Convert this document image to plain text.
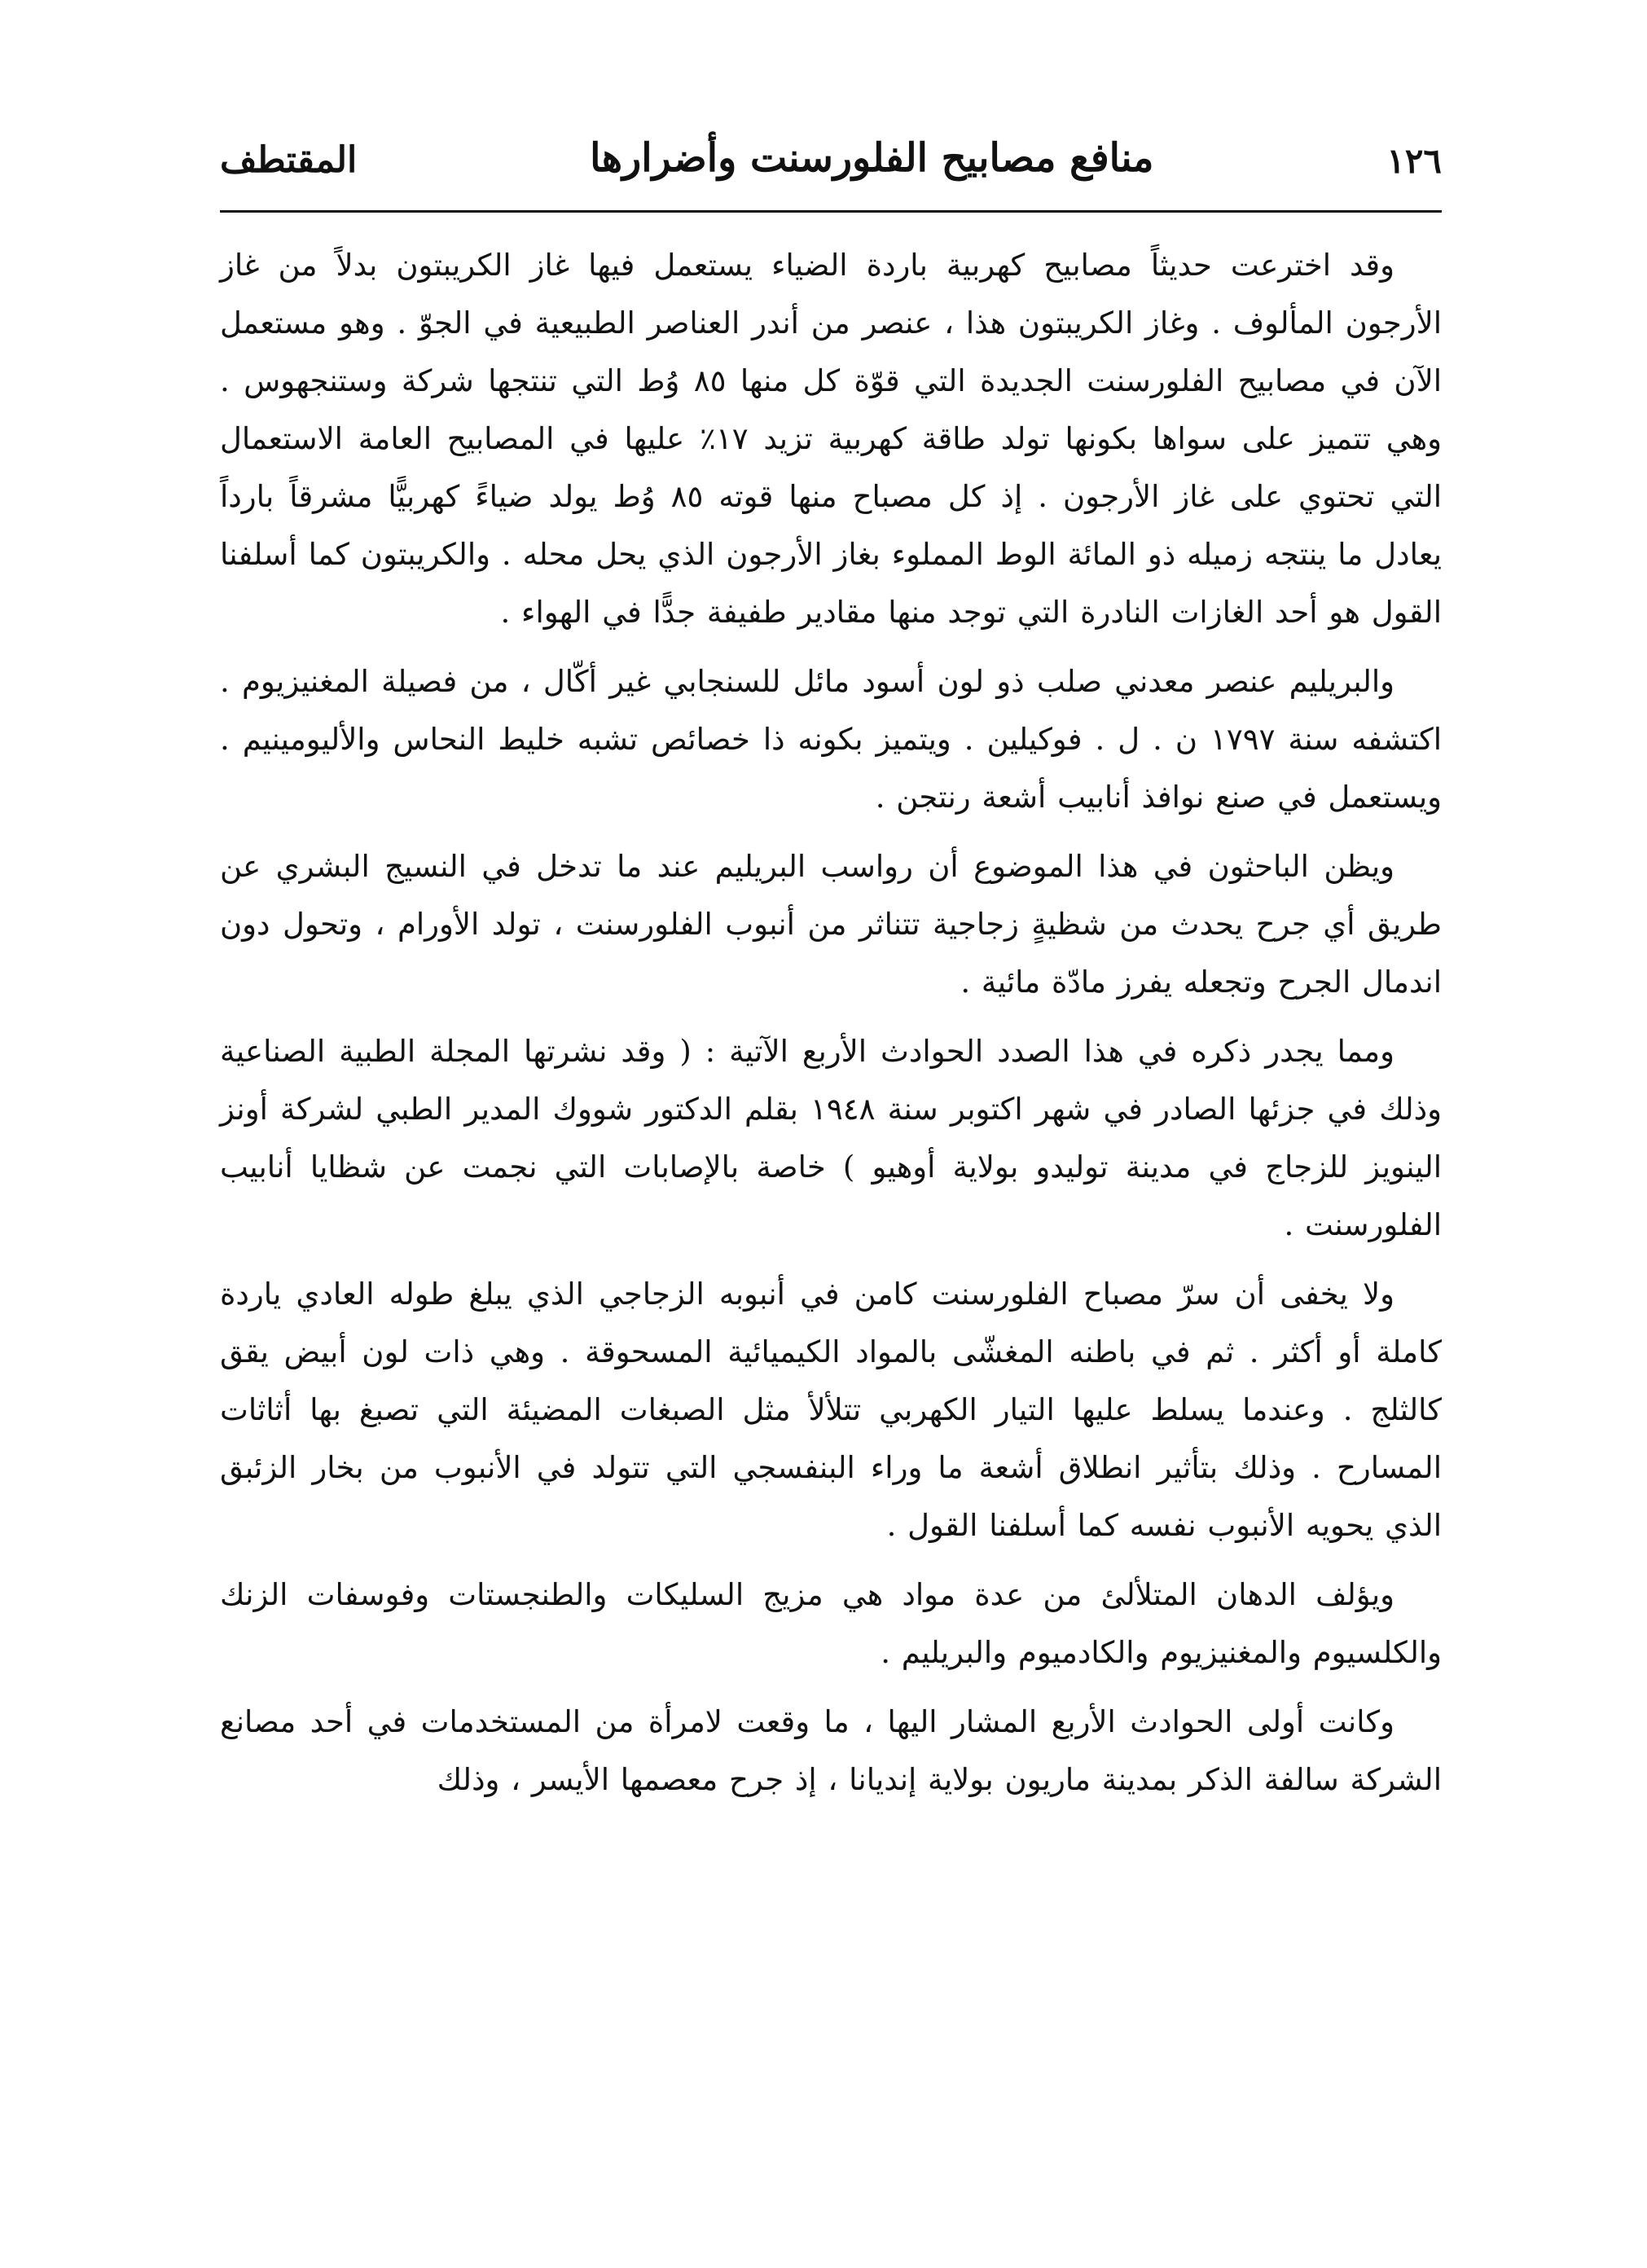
١٢٦
منافع مصابيح الفلورسنت وأضرارها
المقتطف

وقد اخترعت حديثاً مصابيح كهربية باردة الضياء يستعمل فيها غاز الكريبتون بدلاً من غاز الأرجون المألوف . وغاز الكريبتون هذا ، عنصر من أندر العناصر الطبيعية في الجوّ . وهو مستعمل الآن في مصابيح الفلورسنت الجديدة التي قوّة كل منها ٨٥ وُط التي تنتجها شركة وستنجهوس . وهي تتميز على سواها بكونها تولد طاقة كهربية تزيد ١٧٪ عليها في المصابيح العامة الاستعمال التي تحتوي على غاز الأرجون . إذ كل مصباح منها قوته ٨٥ وُط يولد ضياءً كهربيًّا مشرقاً بارداً يعادل ما ينتجه زميله ذو المائة الوط المملوء بغاز الأرجون الذي يحل محله . والكريبتون كما أسلفنا القول هو أحد الغازات النادرة التي توجد منها مقادير طفيفة جدًّا في الهواء .

والبريليم عنصر معدني صلب ذو لون أسود مائل للسنجابي غير أكّال ، من فصيلة المغنيزيوم . اكتشفه سنة ١٧٩٧ ن . ل . فوكيلين . ويتميز بكونه ذا خصائص تشبه خليط النحاس والأليومينيم . ويستعمل في صنع نوافذ أنابيب أشعة رنتجن .

ويظن الباحثون في هذا الموضوع أن رواسب البريليم عند ما تدخل في النسيج البشري عن طريق أي جرح يحدث من شظيةٍ زجاجية تتناثر من أنبوب الفلورسنت ، تولد الأورام ، وتحول دون اندمال الجرح وتجعله يفرز مادّة مائية .

ومما يجدر ذكره في هذا الصدد الحوادث الأربع الآتية : ( وقد نشرتها المجلة الطبية الصناعية وذلك في جزئها الصادر في شهر اكتوبر سنة ١٩٤٨ بقلم الدكتور شووك المدير الطبي لشركة أونز الينويز للزجاج في مدينة توليدو بولاية أوهيو ) خاصة بالإصابات التي نجمت عن شظايا أنابيب الفلورسنت .

ولا يخفى أن سرّ مصباح الفلورسنت كامن في أنبوبه الزجاجي الذي يبلغ طوله العادي ياردة كاملة أو أكثر . ثم في باطنه المغشّى بالمواد الكيميائية المسحوقة . وهي ذات لون أبيض يقق كالثلج . وعندما يسلط عليها التيار الكهربي تتلألأ مثل الصبغات المضيئة التي تصبغ بها أثاثات المسارح . وذلك بتأثير انطلاق أشعة ما وراء البنفسجي التي تتولد في الأنبوب من بخار الزئبق الذي يحويه الأنبوب نفسه كما أسلفنا القول .

ويؤلف الدهان المتلألئ من عدة مواد هي مزيج السليكات والطنجستات وفوسفات الزنك والكلسيوم والمغنيزيوم والكادميوم والبريليم .

وكانت أولى الحوادث الأربع المشار اليها ، ما وقعت لامرأة من المستخدمات في أحد مصانع الشركة سالفة الذكر بمدينة ماريون بولاية إنديانا ، إذ جرح معصمها الأيسر ، وذلك
